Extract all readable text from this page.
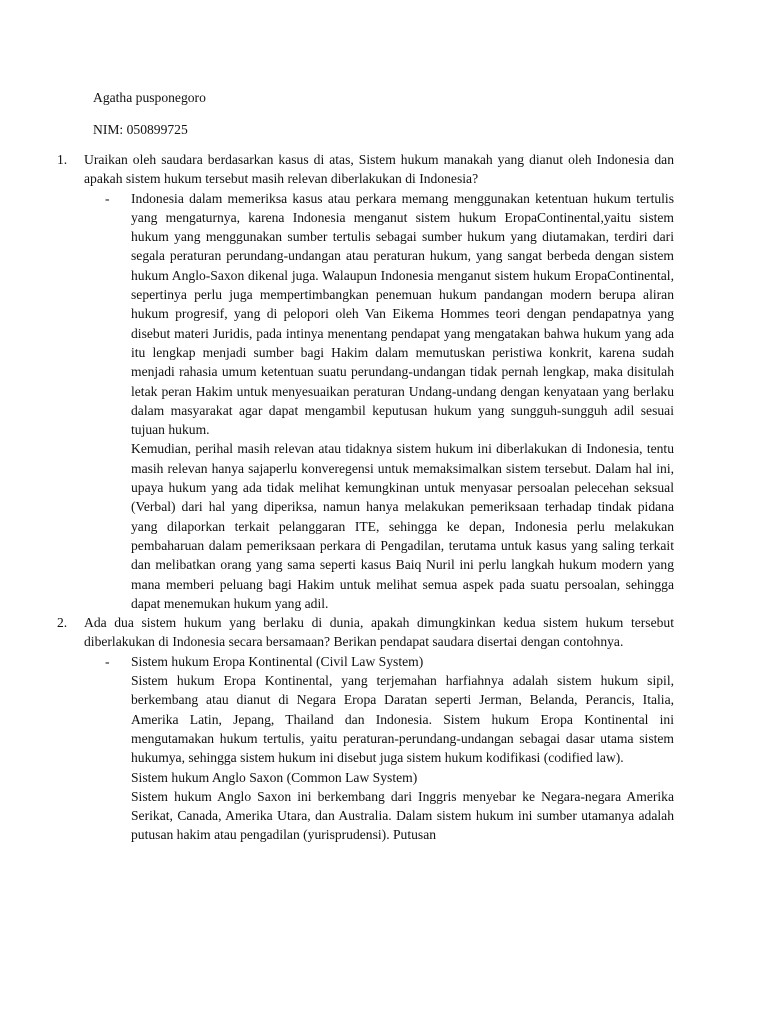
Agatha pusponegoro

NIM: 050899725

1. Uraikan oleh saudara berdasarkan kasus di atas, Sistem hukum manakah yang dianut oleh Indonesia dan apakah sistem hukum tersebut masih relevan diberlakukan di Indonesia?

- Indonesia dalam memeriksa kasus atau perkara memang menggunakan ketentuan hukum tertulis yang mengaturnya, karena Indonesia menganut sistem hukum EropaContinental,yaitu sistem hukum yang menggunakan sumber tertulis sebagai sumber hukum yang diutamakan, terdiri dari segala peraturan perundang-undangan atau peraturan hukum, yang sangat berbeda dengan sistem hukum Anglo-Saxon dikenal juga. Walaupun Indonesia menganut sistem hukum EropaContinental, sepertinya perlu juga mempertimbangkan penemuan hukum pandangan modern berupa aliran hukum progresif, yang di pelopori oleh Van Eikema Hommes teori dengan pendapatnya yang disebut materi Juridis, pada intinya menentang pendapat yang mengatakan bahwa hukum yang ada itu lengkap menjadi sumber bagi Hakim dalam memutuskan peristiwa konkrit, karena sudah menjadi rahasia umum ketentuan suatu perundang-undangan tidak pernah lengkap, maka disitulah letak peran Hakim untuk menyesuaikan peraturan Undang-undang dengan kenyataan yang berlaku dalam masyarakat agar dapat mengambil keputusan hukum yang sungguh-sungguh adil sesuai tujuan hukum.

Kemudian, perihal masih relevan atau tidaknya sistem hukum ini diberlakukan di Indonesia, tentu masih relevan hanya sajaperlu konveregensi untuk memaksimalkan sistem tersebut. Dalam hal ini, upaya hukum yang ada tidak melihat kemungkinan untuk menyasar persoalan pelecehan seksual (Verbal) dari hal yang diperiksa, namun hanya melakukan pemeriksaan terhadap tindak pidana yang dilaporkan terkait pelanggaran ITE, sehingga ke depan, Indonesia perlu melakukan pembaharuan dalam pemeriksaan perkara di Pengadilan, terutama untuk kasus yang saling terkait dan melibatkan orang yang sama seperti kasus Baiq Nuril ini perlu langkah hukum modern yang mana memberi peluang bagi Hakim untuk melihat semua aspek pada suatu persoalan, sehingga dapat menemukan hukum yang adil.

2. Ada dua sistem hukum yang berlaku di dunia, apakah dimungkinkan kedua sistem hukum tersebut diberlakukan di Indonesia secara bersamaan? Berikan pendapat saudara disertai dengan contohnya.

- Sistem hukum Eropa Kontinental (Civil Law System)

Sistem hukum Eropa Kontinental, yang terjemahan harfiahnya adalah sistem hukum sipil, berkembang atau dianut di Negara Eropa Daratan seperti Jerman, Belanda, Perancis, Italia, Amerika Latin, Jepang, Thailand dan Indonesia. Sistem hukum Eropa Kontinental ini mengutamakan hukum tertulis, yaitu peraturan-perundang-undangan sebagai dasar utama sistem hukumya, sehingga sistem hukum ini disebut juga sistem hukum kodifikasi (codified law).

Sistem hukum Anglo Saxon (Common Law System)

Sistem hukum Anglo Saxon ini berkembang dari Inggris menyebar ke Negara-negara Amerika Serikat, Canada, Amerika Utara, dan Australia. Dalam sistem hukum ini sumber utamanya adalah putusan hakim atau pengadilan (yurisprudensi). Putusan
